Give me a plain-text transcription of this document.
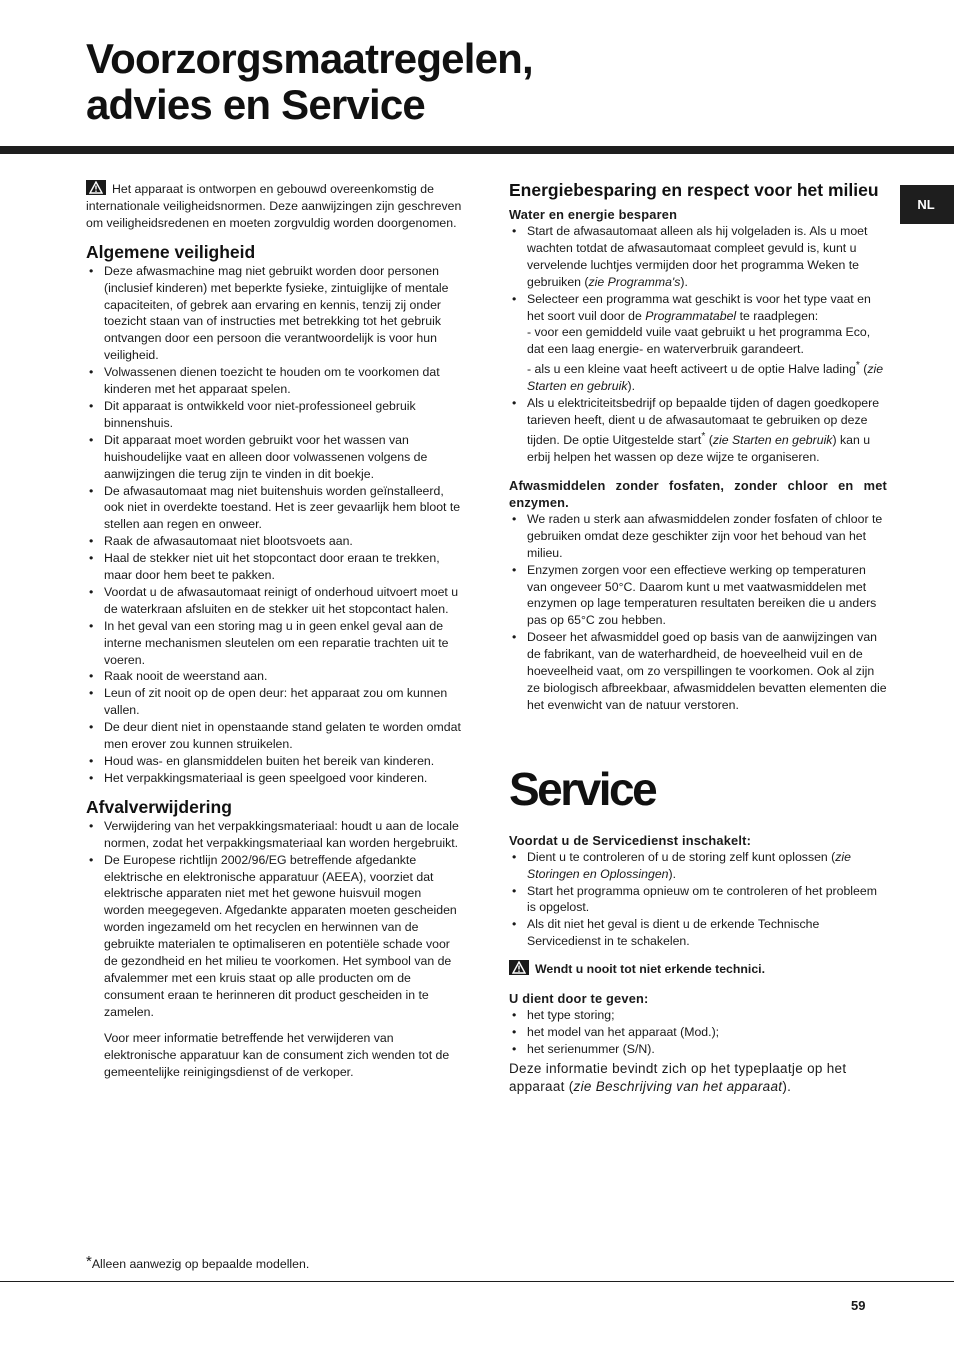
Voorzorgsmaatregelen,
advies en Service
NL

Het apparaat is ontworpen en gebouwd overeenkomstig de internationale veiligheidsnormen. Deze aanwijzingen zijn geschreven om veiligheidsredenen en moeten zorgvuldig worden doorgenomen.

Algemene veiligheid
• Deze afwasmachine mag niet gebruikt worden door personen (inclusief kinderen) met beperkte fysieke, zintuiglijke of mentale capaciteiten, of gebrek aan ervaring en kennis, tenzij zij onder toezicht staan van of instructies met betrekking tot het gebruik ontvangen door een persoon die verantwoordelijk is voor hun veiligheid.
• Volwassenen dienen toezicht te houden om te voorkomen dat kinderen met het apparaat spelen.
• Dit apparaat is ontwikkeld voor niet-professioneel gebruik binnenshuis.
• Dit apparaat moet worden gebruikt voor het wassen van huishoudelijke vaat en alleen door volwassenen volgens de aanwijzingen die terug zijn te vinden in dit boekje.
• De afwasautomaat mag niet buitenshuis worden geïnstalleerd, ook niet in overdekte toestand. Het is zeer gevaarlijk hem bloot te stellen aan regen en onweer.
• Raak de afwasautomaat niet blootsvoets aan.
• Haal de stekker niet uit het stopcontact door eraan te trekken, maar door hem beet te pakken.
• Voordat u de afwasautomaat reinigt of onderhoud uitvoert moet u de waterkraan afsluiten en de stekker uit het stopcontact halen.
• In het geval van een storing mag u in geen enkel geval aan de interne mechanismen sleutelen om een reparatie trachten uit te voeren.
• Raak nooit de weerstand aan.
• Leun of zit nooit op de open deur: het apparaat zou om kunnen vallen.
• De deur dient niet in openstaande stand gelaten te worden omdat men erover zou kunnen struikelen.
• Houd was- en glansmiddelen buiten het bereik van kinderen.
• Het verpakkingsmateriaal is geen speelgoed voor kinderen.
Afvalverwijdering
• Verwijdering van het verpakkingsmateriaal: houdt u aan de locale normen, zodat het verpakkingsmateriaal kan worden hergebruikt.
• De Europese richtlijn 2002/96/EG betreffende afgedankte elektrische en elektronische apparatuur (AEEA), voorziet dat elektrische apparaten niet met het gewone huisvuil mogen worden meegegeven. Afgedankte apparaten moeten gescheiden worden ingezameld om het recyclen en herwinnen van de gebruikte materialen te optimaliseren en potentiële schade voor de gezondheid en het milieu te voorkomen. Het symbool van de afvalemmer met een kruis staat op alle producten om de consument eraan te herinneren dit product gescheiden in te zamelen.

Voor meer informatie betreffende het verwijderen van elektronische apparatuur kan de consument zich wenden tot de gemeentelijke reinigingsdienst of de verkoper.

Energiebesparing en respect voor het milieu
Water en energie besparen
• Start de afwasautomaat alleen als hij volgeladen is. Als u moet wachten totdat de afwasautomaat compleet gevuld is, kunt u vervelende luchtjes vermijden door het programma Weken te gebruiken (zie Programma's).
• Selecteer een programma wat geschikt is voor het type vaat en het soort vuil door de Programmatabel te raadplegen:
- voor een gemiddeld vuile vaat gebruikt u het programma Eco, dat een laag energie- en waterverbruik garandeert.
- als u een kleine vaat heeft activeert u de optie Halve lading* (zie Starten en gebruik).
• Als u elektriciteitsbedrijf op bepaalde tijden of dagen goedkopere tarieven heeft, dient u de afwasautomaat te gebruiken op deze tijden. De optie Uitgestelde start* (zie Starten en gebruik) kan u erbij helpen het wassen op deze wijze te organiseren.
Afwasmiddelen zonder fosfaten, zonder chloor en met enzymen.
• We raden u sterk aan afwasmiddelen zonder fosfaten of chloor te gebruiken omdat deze geschikter zijn voor het behoud van het milieu.
• Enzymen zorgen voor een effectieve werking op temperaturen van ongeveer 50°C. Daarom kunt u met vaatwasmiddelen met enzymen op lage temperaturen resultaten bereiken die u anders pas op 65°C zou hebben.
• Doseer het afwasmiddel goed op basis van de aanwijzingen van de fabrikant, van de waterhardheid, de hoeveelheid vuil en de hoeveelheid vaat, om zo verspillingen te voorkomen. Ook al zijn ze biologisch afbreekbaar, afwasmiddelen bevatten elementen die het evenwicht van de natuur verstoren.
Service
Voordat u de Servicedienst inschakelt:
• Dient u te controleren of u de storing zelf kunt oplossen (zie Storingen en Oplossingen).
• Start het programma opnieuw om te controleren of het probleem is opgelost.
• Als dit niet het geval is dient u de erkende Technische Servicedienst in te schakelen.

Wendt u nooit tot niet erkende technici.

U dient door te geven:
• het type storing;
• het model van het apparaat (Mod.);
• het serienummer (S/N).

Deze informatie bevindt zich op het typeplaatje op het apparaat (zie Beschrijving van het apparaat).

*Alleen aanwezig op bepaalde modellen.
59
